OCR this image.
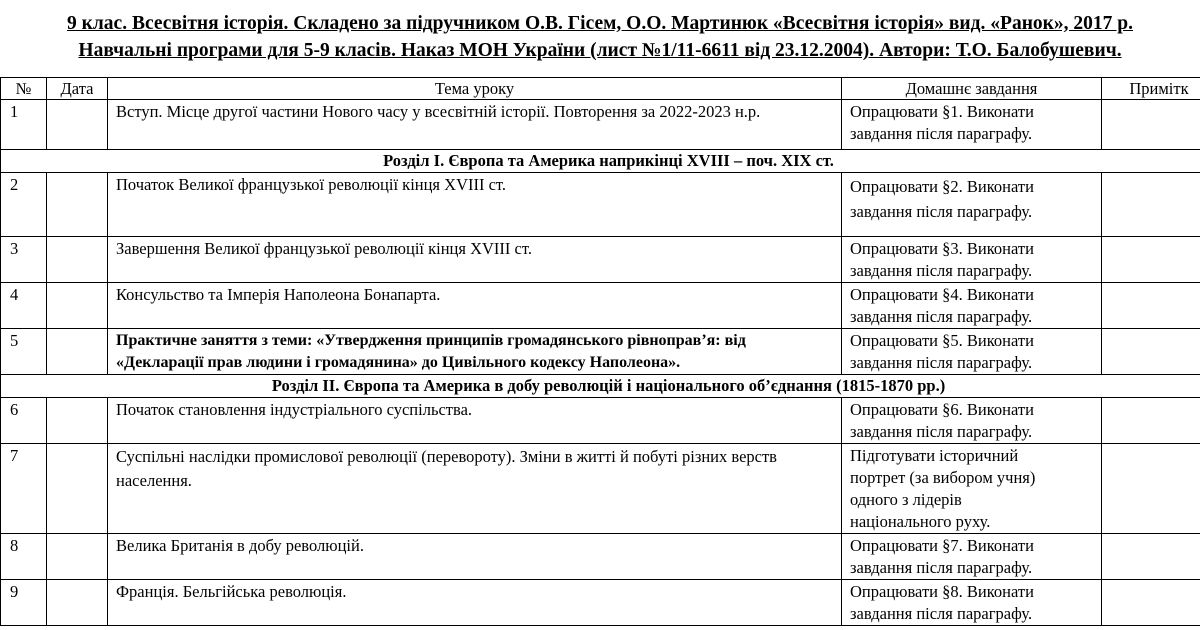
9 клас. Всесвітня історія. Складено за підручником О.В. Гісем, О.О. Мартинюк «Всесвітня історія» вид. «Ранок», 2017 р.
Навчальні програми для 5-9 класів. Наказ МОН України (лист №1/11-6611 від 23.12.2004). Автори: Т.О. Балобушевич.
№	Дата	Тема уроку	Домашнє завдання	Примітк
1		Вступ. Місце другої частини Нового часу у всесвітній історії. Повторення за 2022-2023 н.р.	Опрацювати §1. Виконати завдання після параграфу.	
Розділ І. Європа та Америка наприкінці XVIII – поч. XIX ст.				
2		Початок Великої французької революції кінця XVIII ст.	Опрацювати §2. Виконати завдання після параграфу.	
3		Завершення Великої французької революції кінця XVIII ст.	Опрацювати §3. Виконати завдання після параграфу.	
4		Консульство та Імперія Наполеона Бонапарта.	Опрацювати §4. Виконати завдання після параграфу.	
5		Практичне заняття з теми: «Утвердження принципів громадянського рівноправ’я: від «Декларації прав людини і громадянина» до Цивільного кодексу Наполеона».	Опрацювати §5. Виконати завдання після параграфу.	
Розділ ІІ. Європа та Америка в добу революцій і національного об’єднання (1815-1870 рр.)				
6		Початок становлення індустріального суспільства.	Опрацювати §6. Виконати завдання після параграфу.	
7		Суспільні наслідки промислової революції (перевороту). Зміни в житті й побуті різних верств населення.	Підготувати історичний портрет (за вибором учня) одного з лідерів національного руху.	
8		Велика Британія в добу революцій.	Опрацювати §7. Виконати завдання після параграфу.	
9		Франція. Бельгійська революція.	Опрацювати §8. Виконати завдання після параграфу.	
